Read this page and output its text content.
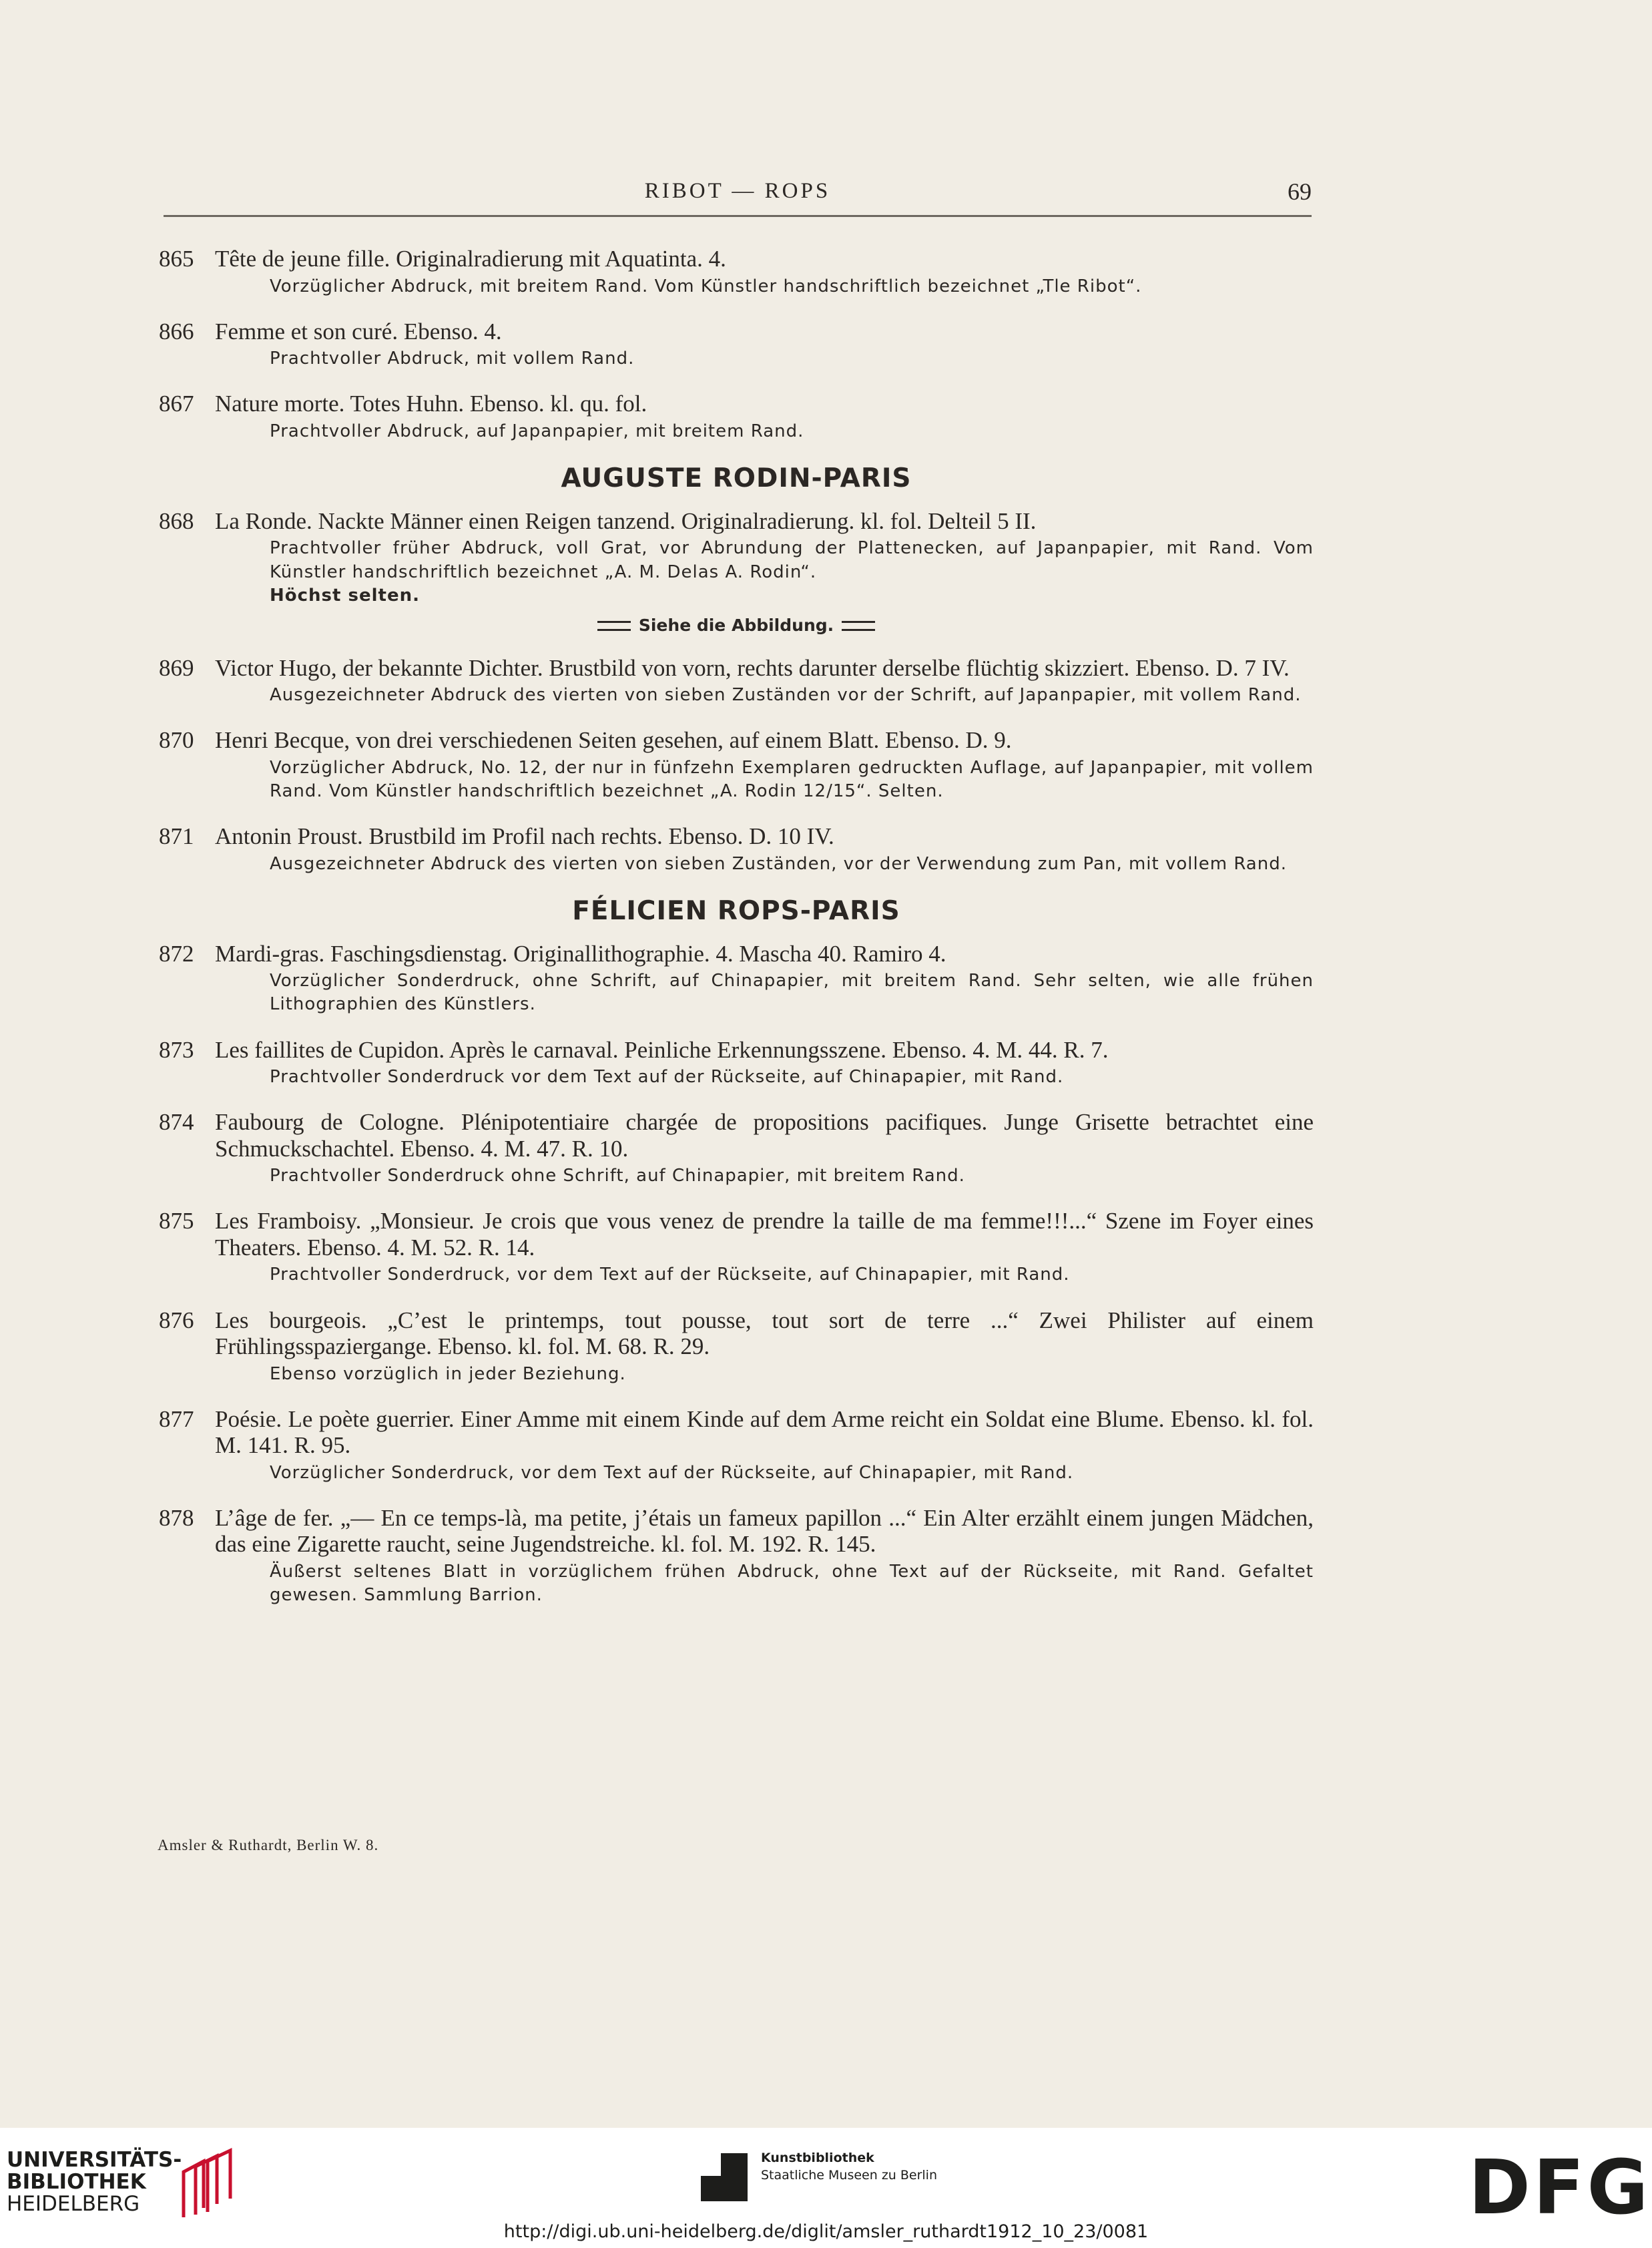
RIBOT — ROPS	69
865 Tête de jeune fille. Originalradierung mit Aquatinta. 4.
Vorzüglicher Abdruck, mit breitem Rand. Vom Künstler handschriftlich bezeichnet „Tle Ribot“.
866 Femme et son curé. Ebenso. 4.
Prachtvoller Abdruck, mit vollem Rand.
867 Nature morte. Totes Huhn. Ebenso. kl. qu. fol.
Prachtvoller Abdruck, auf Japanpapier, mit breitem Rand.
AUGUSTE RODIN-PARIS
868 La Ronde. Nackte Männer einen Reigen tanzend. Originalradierung. kl. fol. Delteil 5 II.
Prachtvoller früher Abdruck, voll Grat, vor Abrundung der Plattenecken, auf Japanpapier, mit Rand. Vom Künstler handschriftlich bezeichnet „A. M. Delas A. Rodin“.
Höchst selten.
Siehe die Abbildung.
869 Victor Hugo, der bekannte Dichter. Brustbild von vorn, rechts darunter derselbe flüchtig skizziert. Ebenso. D. 7 IV.
Ausgezeichneter Abdruck des vierten von sieben Zuständen vor der Schrift, auf Japanpapier, mit vollem Rand.
870 Henri Becque, von drei verschiedenen Seiten gesehen, auf einem Blatt. Ebenso. D. 9.
Vorzüglicher Abdruck, No. 12, der nur in fünfzehn Exemplaren gedruckten Auflage, auf Japanpapier, mit vollem Rand. Vom Künstler handschriftlich bezeichnet „A. Rodin 12/15“. Selten.
871 Antonin Proust. Brustbild im Profil nach rechts. Ebenso. D. 10 IV.
Ausgezeichneter Abdruck des vierten von sieben Zuständen, vor der Verwendung zum Pan, mit vollem Rand.
FÉLICIEN ROPS-PARIS
872 Mardi-gras. Faschingsdienstag. Originallithographie. 4. Mascha 40. Ramiro 4.
Vorzüglicher Sonderdruck, ohne Schrift, auf Chinapapier, mit breitem Rand. Sehr selten, wie alle frühen Lithographien des Künstlers.
873 Les faillites de Cupidon. Après le carnaval. Peinliche Erkennungsszene. Ebenso. 4. M. 44. R. 7.
Prachtvoller Sonderdruck vor dem Text auf der Rückseite, auf Chinapapier, mit Rand.
874 Faubourg de Cologne. Plénipotentiaire chargée de propositions pacifiques. Junge Grisette betrachtet eine Schmuckschachtel. Ebenso. 4. M. 47. R. 10.
Prachtvoller Sonderdruck ohne Schrift, auf Chinapapier, mit breitem Rand.
875 Les Framboisy. „Monsieur. Je crois que vous venez de prendre la taille de ma femme!!!...“ Szene im Foyer eines Theaters. Ebenso. 4. M. 52. R. 14.
Prachtvoller Sonderdruck, vor dem Text auf der Rückseite, auf Chinapapier, mit Rand.
876 Les bourgeois. „C’est le printemps, tout pousse, tout sort de terre ...“ Zwei Philister auf einem Frühlingsspaziergange. Ebenso. kl. fol. M. 68. R. 29.
Ebenso vorzüglich in jeder Beziehung.
877 Poésie. Le poète guerrier. Einer Amme mit einem Kinde auf dem Arme reicht ein Soldat eine Blume. Ebenso. kl. fol. M. 141. R. 95.
Vorzüglicher Sonderdruck, vor dem Text auf der Rückseite, auf Chinapapier, mit Rand.
878 L’âge de fer. „— En ce temps-là, ma petite, j’étais un fameux papillon ...“ Ein Alter erzählt einem jungen Mädchen, das eine Zigarette raucht, seine Jugendstreiche. kl. fol. M. 192. R. 145.
Äußerst seltenes Blatt in vorzüglichem frühen Abdruck, ohne Text auf der Rückseite, mit Rand. Gefaltet gewesen. Sammlung Barrion.
Amsler & Ruthardt, Berlin W. 8.
UNIVERSITÄTS-
BIBLIOTHEK
HEIDELBERG
Kunstbibliothek
Staatliche Museen zu Berlin	DFG
http://digi.ub.uni-heidelberg.de/diglit/amsler_ruthardt1912_10_23/0081
